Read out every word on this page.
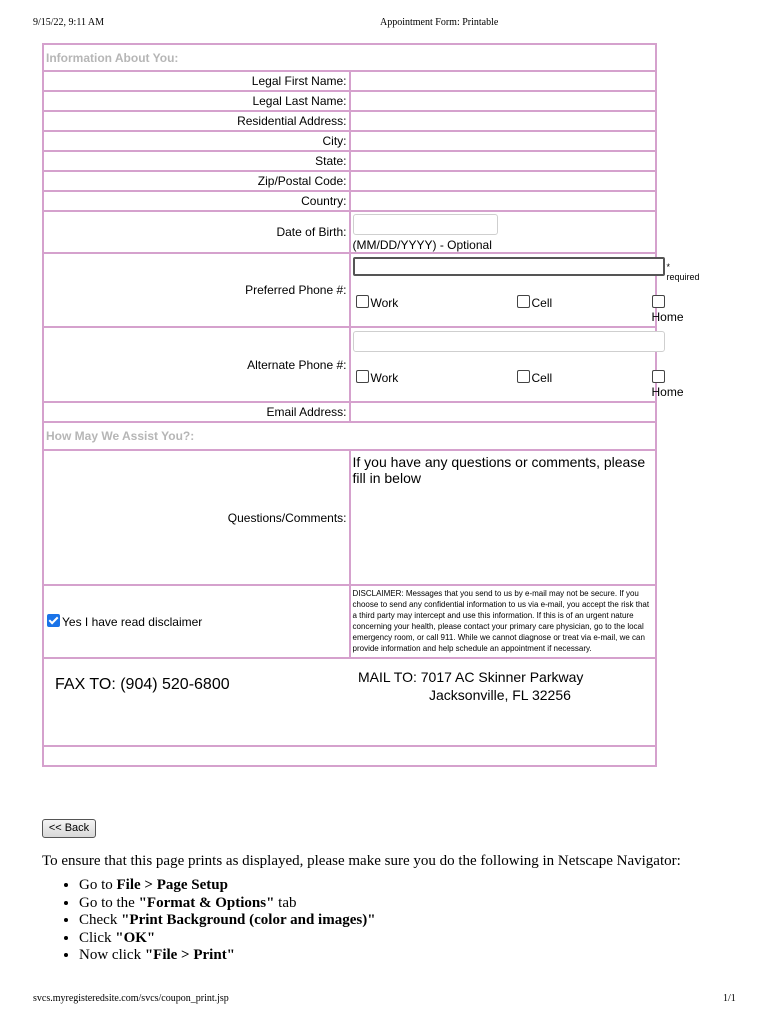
9/15/22, 9:11 AM	Appointment Form: Printable
Information About You:	
Legal First Name:	
Legal Last Name:	
Residential Address:	
City:	
State:	
Zip/Postal Code:	
Country:	
Date of Birth:	(MM/DD/YYYY) - Optional
Preferred Phone #:	* required
Work Cell
Home

Alternate Phone #:	Work Cell
Home

Email Address:	
How May We Assist You?:	
Questions/Comments:	If you have any questions or comments, please fill in below
Yes I have read disclaimer	DISCLAIMER: Messages that you send to us by e-mail may not be secure. If you choose to send any confidential information to us via e-mail, you accept the risk that a third party may intercept and use this information. If this is of an urgent nature concerning your health, please contact your primary care physician, go to the local emergency room, or call 911. While we cannot diagnose or treat via e-mail, we can provide information and help schedule an appointment if necessary.

FAX TO: (904) 520-6800 MAIL TO: 7017 AC Skinner Parkway
Jacksonville, FL 32256	

<< Back
To ensure that this page prints as displayed, please make sure you do the following in Netscape Navigator:
• Go to File > Page Setup
• Go to the "Format & Options" tab
• Check "Print Background (color and images)"
• Click "OK"
• Now click "File > Print"
svcs.myregisteredsite.com/svcs/coupon_print.jsp	1/1
